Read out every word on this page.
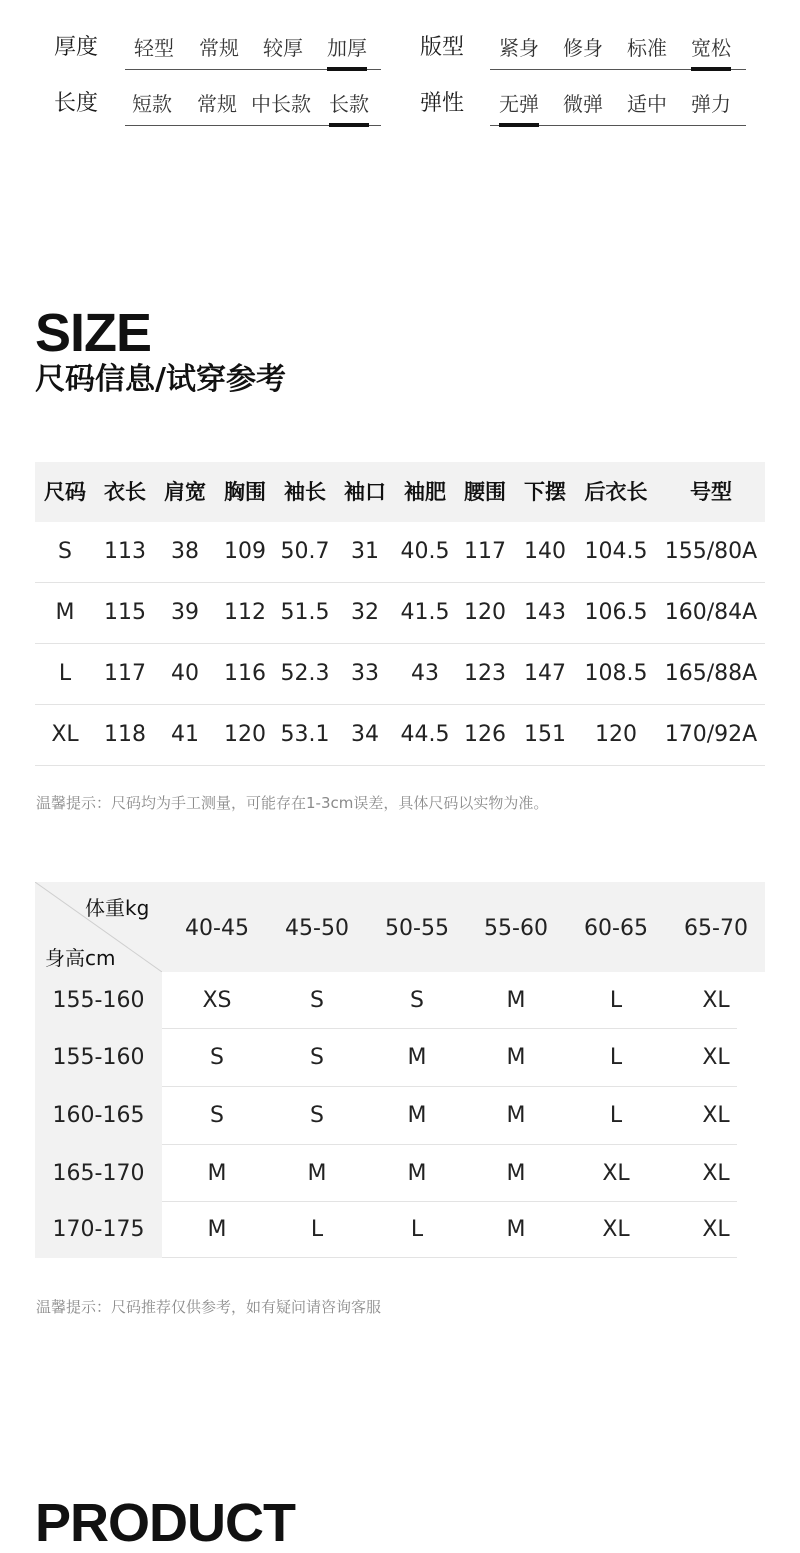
厚度 轻型 常规 较厚 加厚 版型 紧身 修身 标准 宽松
长度 短款 常规 中长款 长款 弹性 无弹 微弹 适中 弹力
SIZE
尺码信息/试穿参考
尺码 衣长 肩宽 胸围 袖长 袖口 袖肥 腰围 下摆 后衣长	号型
S	113	38	109 50.7 31 40.5 117 140 104.5 155/80A
M	115	39	112 51.5 32 41.5 120 143 106.5 160/84A
L	117	40	116 52.3 33	43	123 147 108.5 165/88A
XL	118	41	120 53.1 34 44.5 126 151	120	170/92A
温馨提示：尺码均为手工测量，可能存在1-3cm误差，具体尺码以实物为准。
体重kg
身高cm
40-45	45-50	50-55	55-60	60-65	65-70
155-160	XS	S	S	M	L	XL
155-160	S	S	M	M	L	XL
160-165	S	S	M	M	L	XL
165-170	M	M	M	M	XL	XL
170-175	M	L	L	M	XL	XL
温馨提示：尺码推荐仅供参考，如有疑问请咨询客服
PRODUCT
